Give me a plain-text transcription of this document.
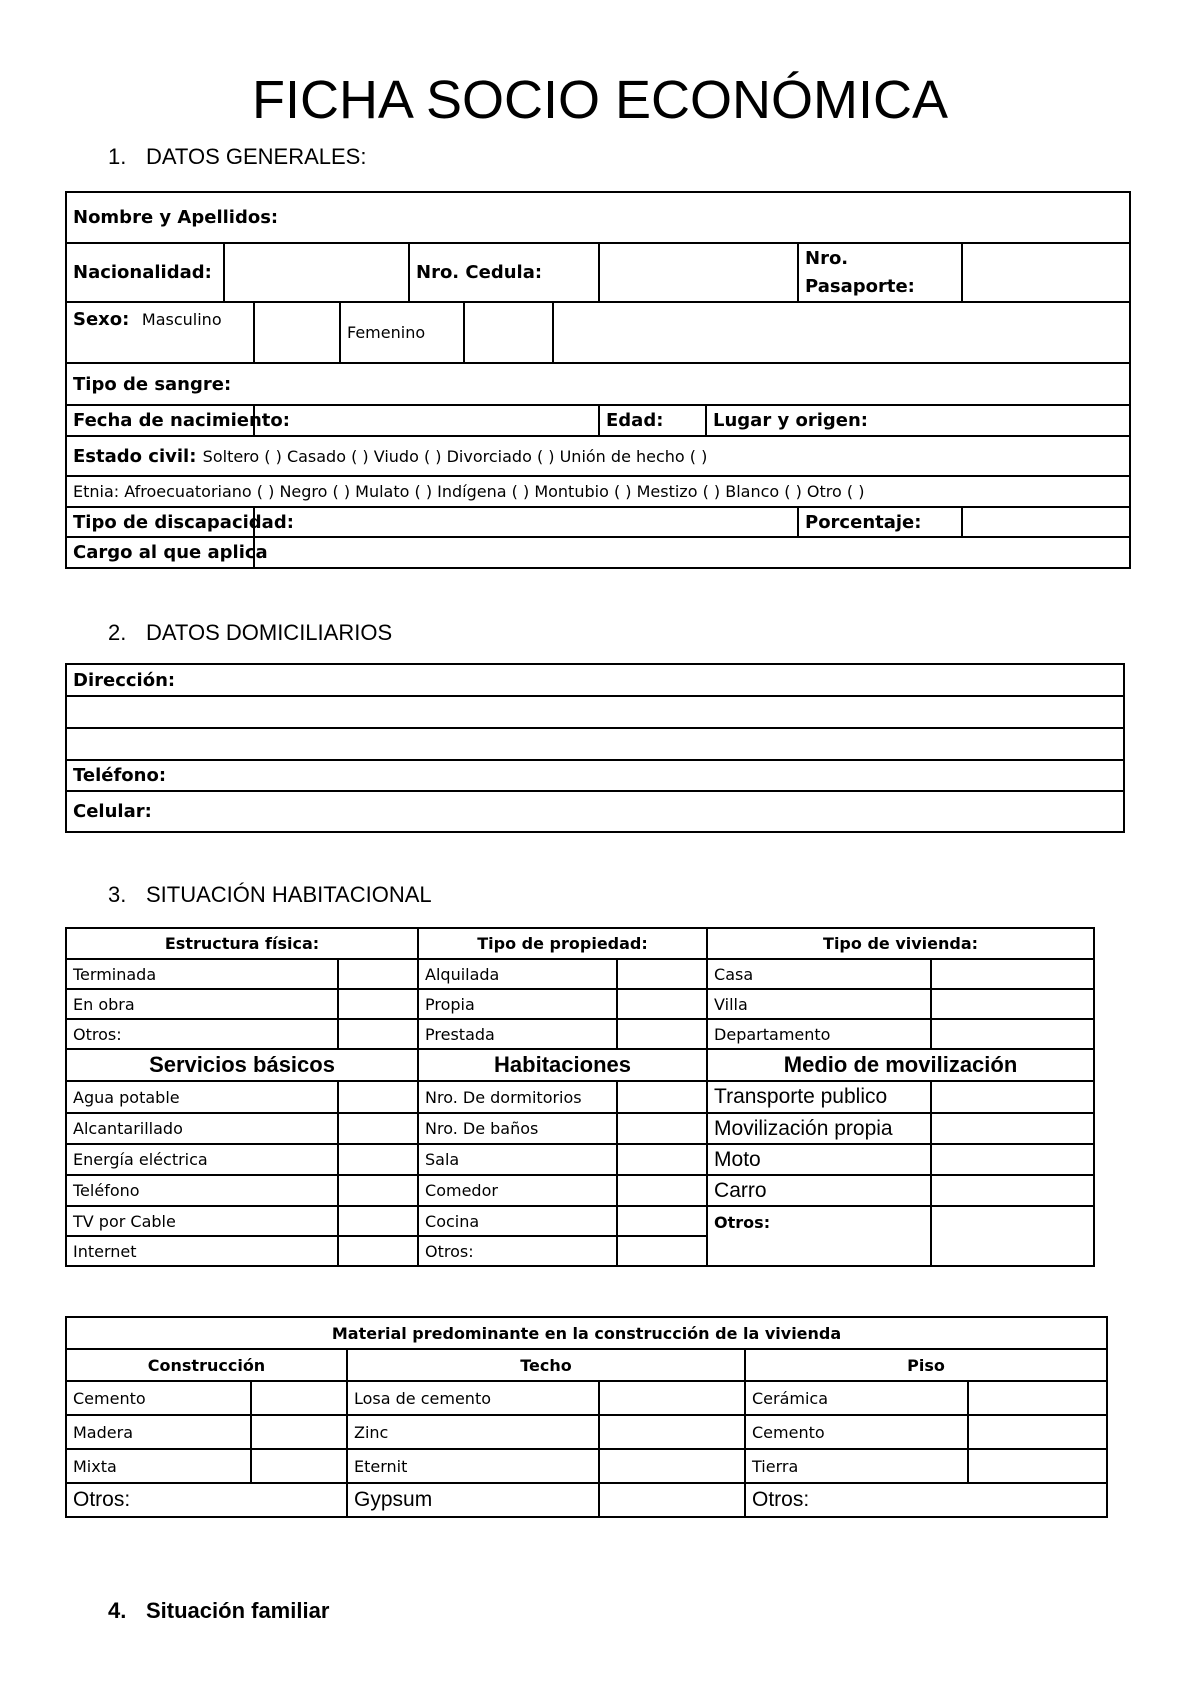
FICHA SOCIO ECONÓMICA
1. DATOS GENERALES:
Nombre y Apellidos:										
Nacionalidad:				Nro. Cedula:					Nro. Pasaporte:	
Sexo: Masculino			Femenino							
Tipo de sangre:										
Fecha de nacimiento:							Edad:	Lugar y origen:		
Estado civil: Soltero ( ) Casado ( ) Viudo ( ) Divorciado ( ) Unión de hecho ( )										
Etnia: Afroecuatoriano ( ) Negro ( ) Mulato ( ) Indígena ( ) Montubio ( ) Mestizo ( ) Blanco ( ) Otro ( )										
Tipo de discapacidad:									Porcentaje:	
Cargo al que aplica										
2. DATOS DOMICILIARIOS
Dirección:

Teléfono:
Celular:
3. SITUACIÓN HABITACIONAL
Estructura física:		Tipo de propiedad:		Tipo de vivienda:	
Terminada		Alquilada		Casa	
En obra		Propia		Villa	
Otros:		Prestada		Departamento	
Servicios básicos		Habitaciones		Medio de movilización	
Agua potable		Nro. De dormitorios		Transporte publico	
Alcantarillado		Nro. De baños		Movilización propia	
Energía eléctrica		Sala		Moto	
Teléfono		Comedor		Carro	
TV por Cable		Cocina		Otros:	
Internet		Otros:			
Material predominante en la construcción de la vivienda					
Construcción		Techo		Piso	
Cemento		Losa de cemento		Cerámica	
Madera		Zinc		Cemento	
Mixta		Eternit		Tierra	
Otros:		Gypsum		Otros:	
4. Situación familiar
